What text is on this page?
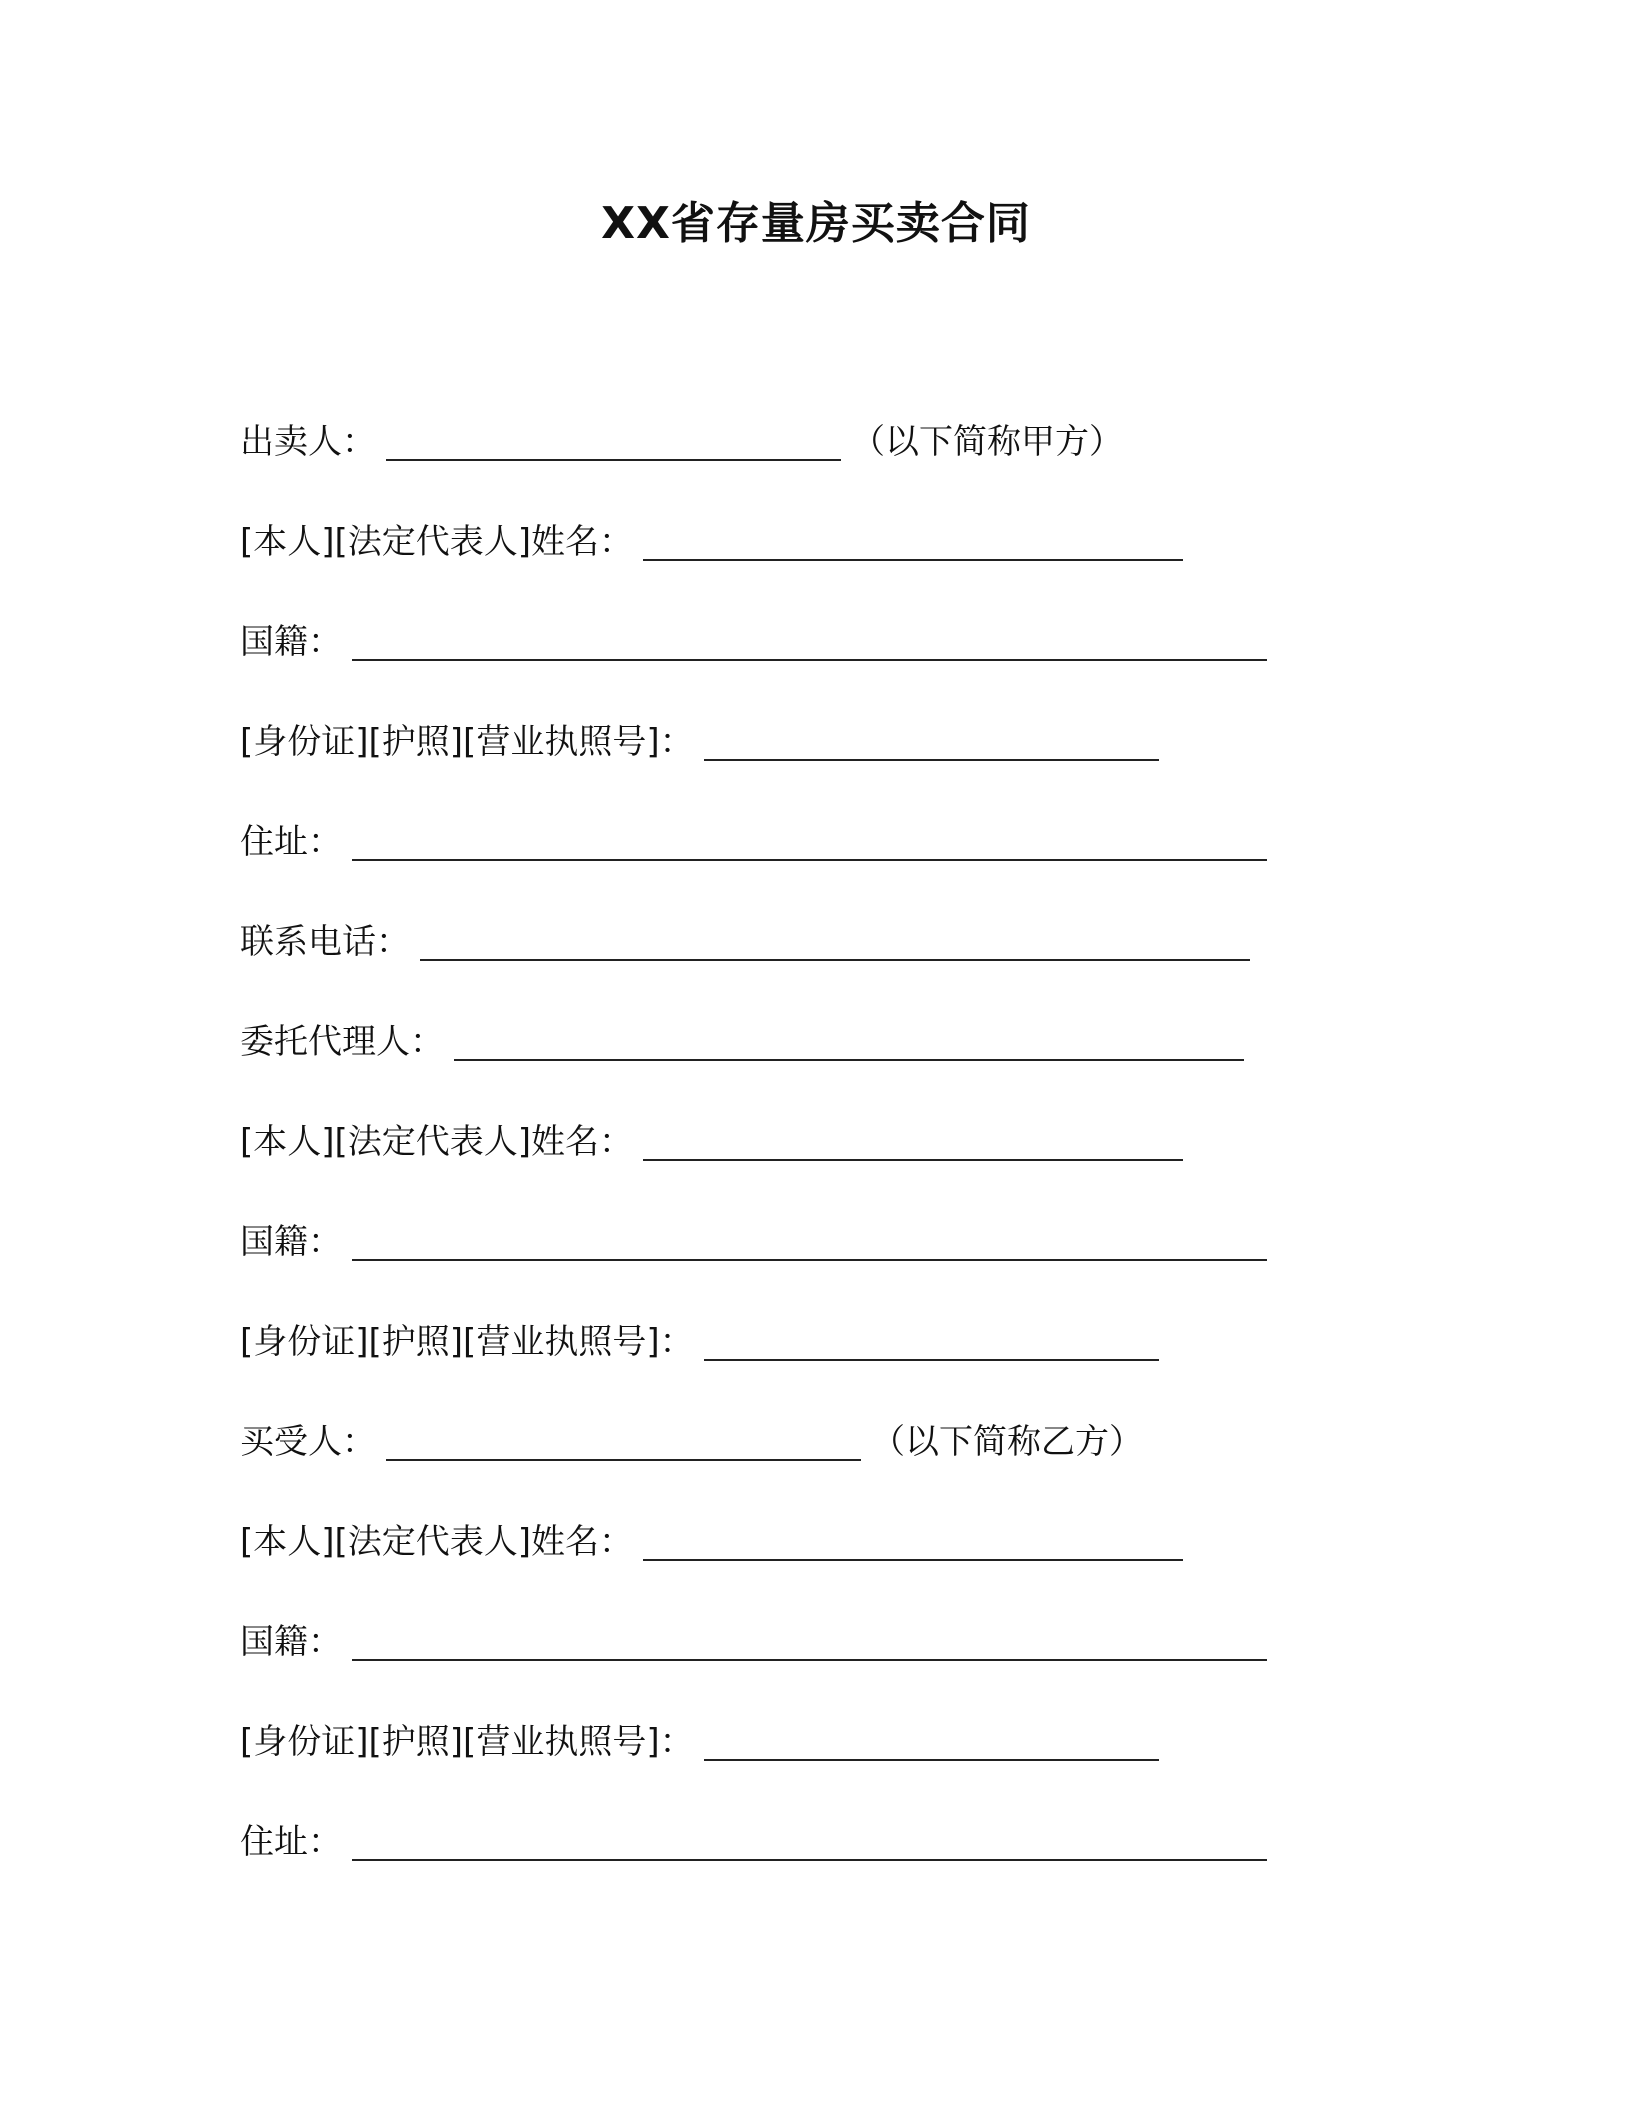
XX省存量房买卖合同
出卖人：	（以下简称甲方）
[本人][法定代表人]姓名：
国籍：
[身份证][护照][营业执照号]：
住址：
联系电话：
委托代理人：
[本人][法定代表人]姓名：
国籍：
[身份证][护照][营业执照号]：
买受人：	（以下简称乙方）
[本人][法定代表人]姓名：
国籍：
[身份证][护照][营业执照号]：
住址：
